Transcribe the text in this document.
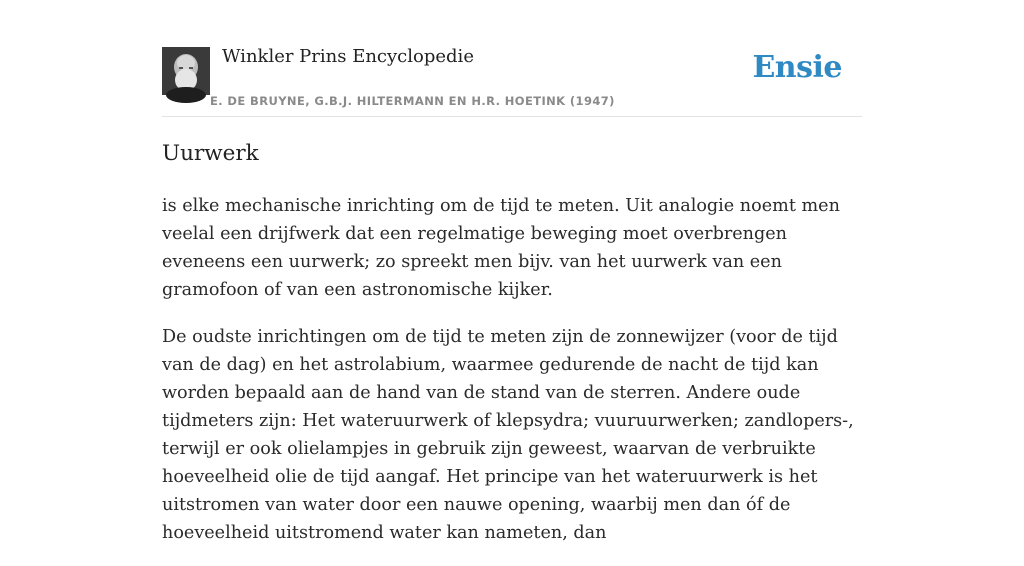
Winkler Prins Encyclopedie
E. DE BRUYNE, G.B.J. HILTERMANN EN H.R. HOETINK (1947)
Ensie
Uurwerk

is elke mechanische inrichting om de tijd te meten. Uit analogie noemt men veelal een drijfwerk dat een regelmatige beweging moet overbrengen eveneens een uurwerk; zo spreekt men bijv. van het uurwerk van een gramofoon of van een astronomische kijker.

De oudste inrichtingen om de tijd te meten zijn de zonnewijzer (voor de tijd van de dag) en het astrolabium, waarmee gedurende de nacht de tijd kan worden bepaald aan de hand van de stand van de sterren. Andere oude tijdmeters zijn: Het wateruurwerk of klepsydra; vuuruurwerken; zandlopers-, terwijl er ook olielampjes in gebruik zijn geweest, waarvan de verbruikte hoeveelheid olie de tijd aangaf. Het principe van het wateruurwerk is het uitstromen van water door een nauwe opening, waarbij men dan óf de hoeveelheid uitstromend water kan nameten, dan
